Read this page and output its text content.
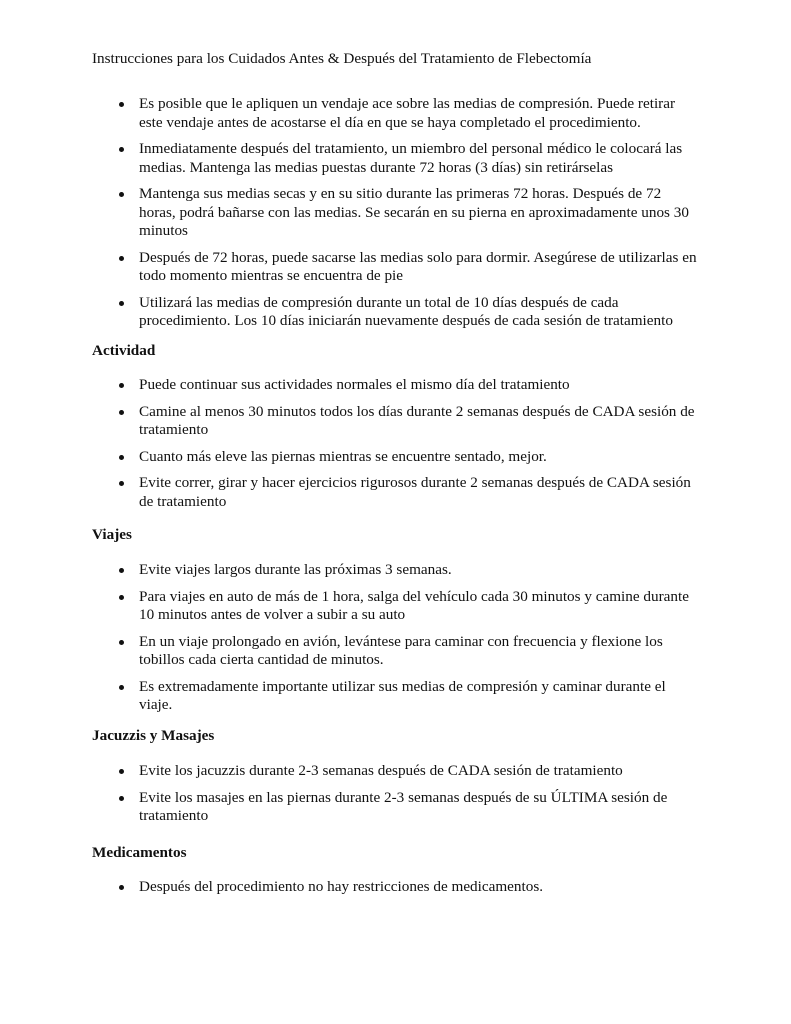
Instrucciones para los Cuidados Antes & Después del Tratamiento de Flebectomía
Es posible que le apliquen un vendaje ace sobre las medias de compresión. Puede retirar este vendaje antes de acostarse el día en que se haya completado el procedimiento.
Inmediatamente después del tratamiento, un miembro del personal médico le colocará las medias. Mantenga las medias puestas durante 72 horas (3 días) sin retirárselas
Mantenga sus medias secas y en su sitio durante las primeras 72 horas. Después de 72 horas, podrá bañarse con las medias. Se secarán en su pierna en aproximadamente unos 30 minutos
Después de 72 horas, puede sacarse las medias solo para dormir. Asegúrese de utilizarlas en todo momento mientras se encuentra de pie
Utilizará las medias de compresión durante un total de 10 días después de cada procedimiento. Los 10 días iniciarán nuevamente después de cada sesión de tratamiento
Actividad
Puede continuar sus actividades normales el mismo día del tratamiento
Camine al menos 30 minutos todos los días durante 2 semanas después de CADA sesión de tratamiento
Cuanto más eleve las piernas mientras se encuentre sentado, mejor.
Evite correr, girar y hacer ejercicios rigurosos durante 2 semanas después de CADA sesión de tratamiento
Viajes
Evite viajes largos durante las próximas 3 semanas.
Para viajes en auto de más de 1 hora, salga del vehículo cada 30 minutos y camine durante 10 minutos antes de volver a subir a su auto
En un viaje prolongado en avión, levántese para caminar con frecuencia y flexione los tobillos cada cierta cantidad de minutos.
Es extremadamente importante utilizar sus medias de compresión y caminar durante el viaje.
Jacuzzis y Masajes
Evite los jacuzzis durante 2-3 semanas después de CADA sesión de tratamiento
Evite los masajes en las piernas durante 2-3 semanas después de su ÚLTIMA sesión de tratamiento
Medicamentos
Después del procedimiento no hay restricciones de medicamentos.
